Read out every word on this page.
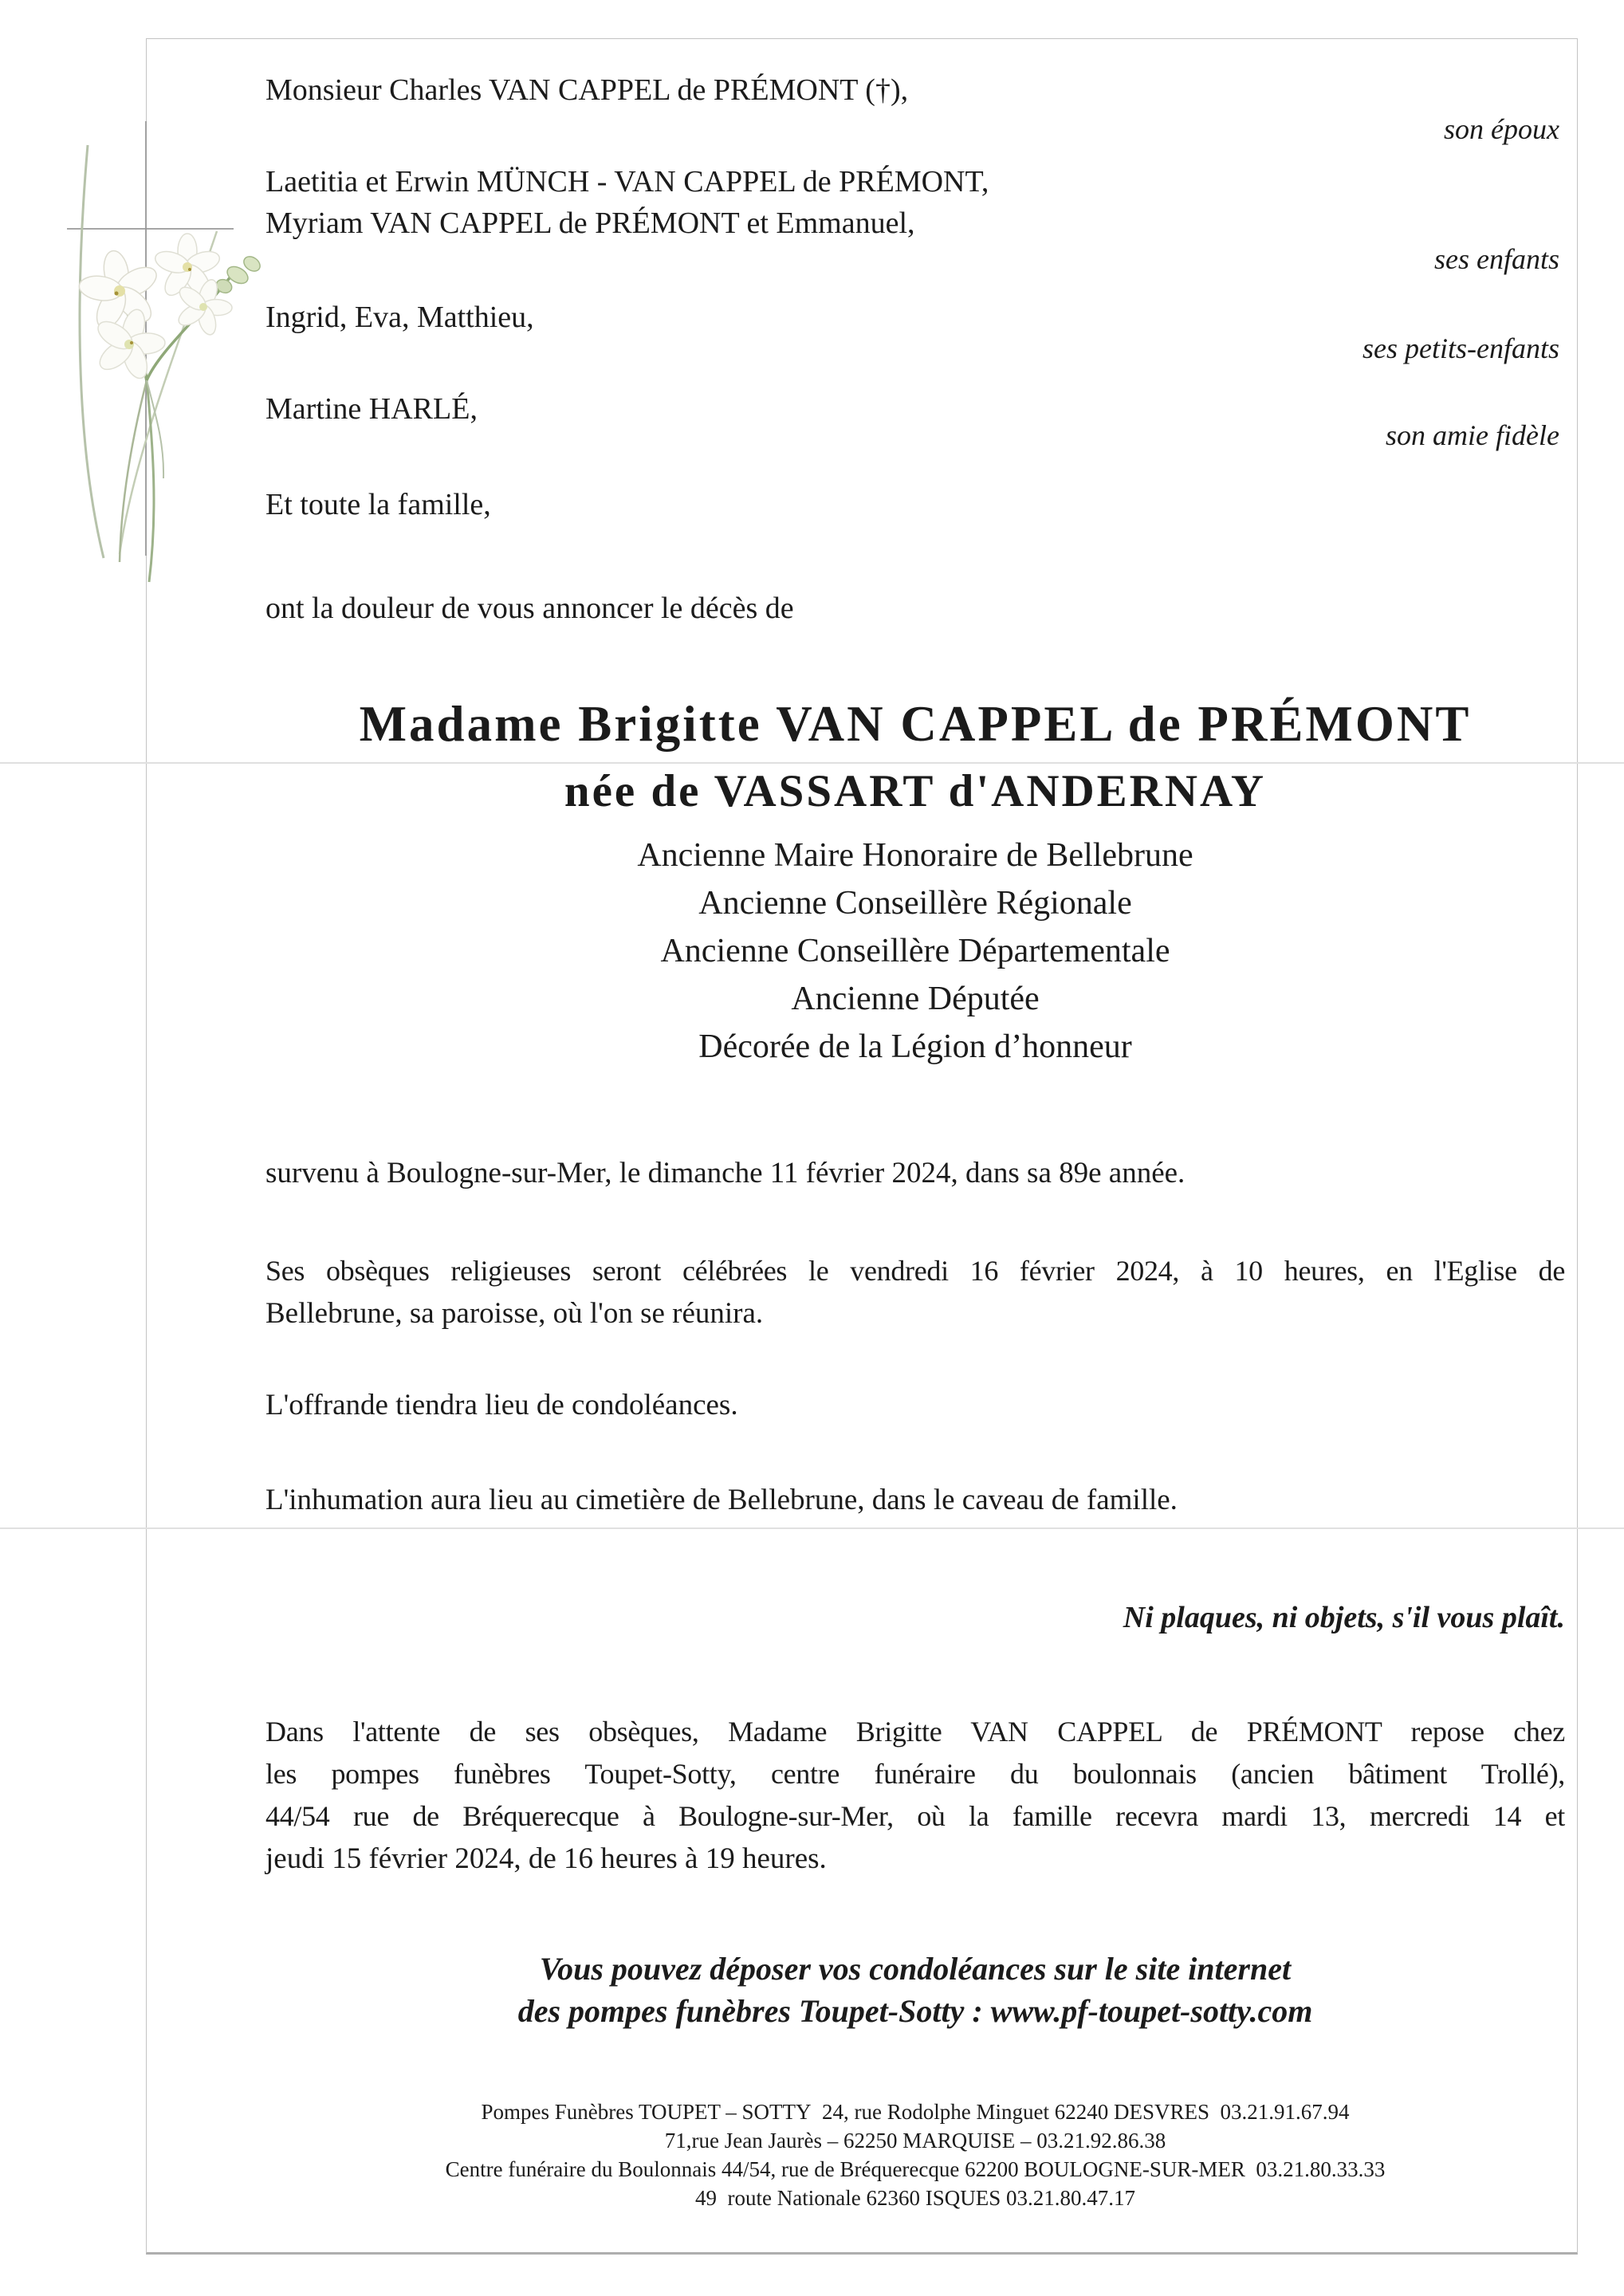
Monsieur Charles VAN CAPPEL de PRÉMONT (†),
son époux
Laetitia et Erwin MÜNCH - VAN CAPPEL de PRÉMONT,
Myriam VAN CAPPEL de PRÉMONT et Emmanuel,
ses enfants
Ingrid, Eva, Matthieu,
ses petits-enfants
Martine HARLÉ,
son amie fidèle
Et toute la famille,
ont la douleur de vous annoncer le décès de
Madame Brigitte VAN CAPPEL de PRÉMONT
née de VASSART d'ANDERNAY
Ancienne Maire Honoraire de Bellebrune
Ancienne Conseillère Régionale
Ancienne Conseillère Départementale
Ancienne Députée
Décorée de la Légion d’honneur
survenu à Boulogne-sur-Mer, le dimanche 11 février 2024, dans sa 89e année.
Ses obsèques religieuses seront célébrées le vendredi 16 février 2024, à 10 heures, en l'Eglise de
Bellebrune, sa paroisse, où l'on se réunira.
L'offrande tiendra lieu de condoléances.
L'inhumation aura lieu au cimetière de Bellebrune, dans le caveau de famille.
Ni plaques, ni objets, s'il vous plaît.
Dans l'attente de ses obsèques, Madame Brigitte VAN CAPPEL de PRÉMONT repose chez
les pompes funèbres Toupet-Sotty, centre funéraire du boulonnais (ancien bâtiment Trollé),
44/54 rue de Bréquerecque à Boulogne-sur-Mer, où la famille recevra mardi 13, mercredi 14 et
jeudi 15 février 2024, de 16 heures à 19 heures.
Vous pouvez déposer vos condoléances sur le site internet
des pompes funèbres Toupet-Sotty : www.pf-toupet-sotty.com
Pompes Funèbres TOUPET – SOTTY  24, rue Rodolphe Minguet 62240 DESVRES  03.21.91.67.94
71,rue Jean Jaurès – 62250 MARQUISE – 03.21.92.86.38
Centre funéraire du Boulonnais 44/54, rue de Bréquerecque 62200 BOULOGNE-SUR-MER  03.21.80.33.33
49  route Nationale 62360 ISQUES 03.21.80.47.17
